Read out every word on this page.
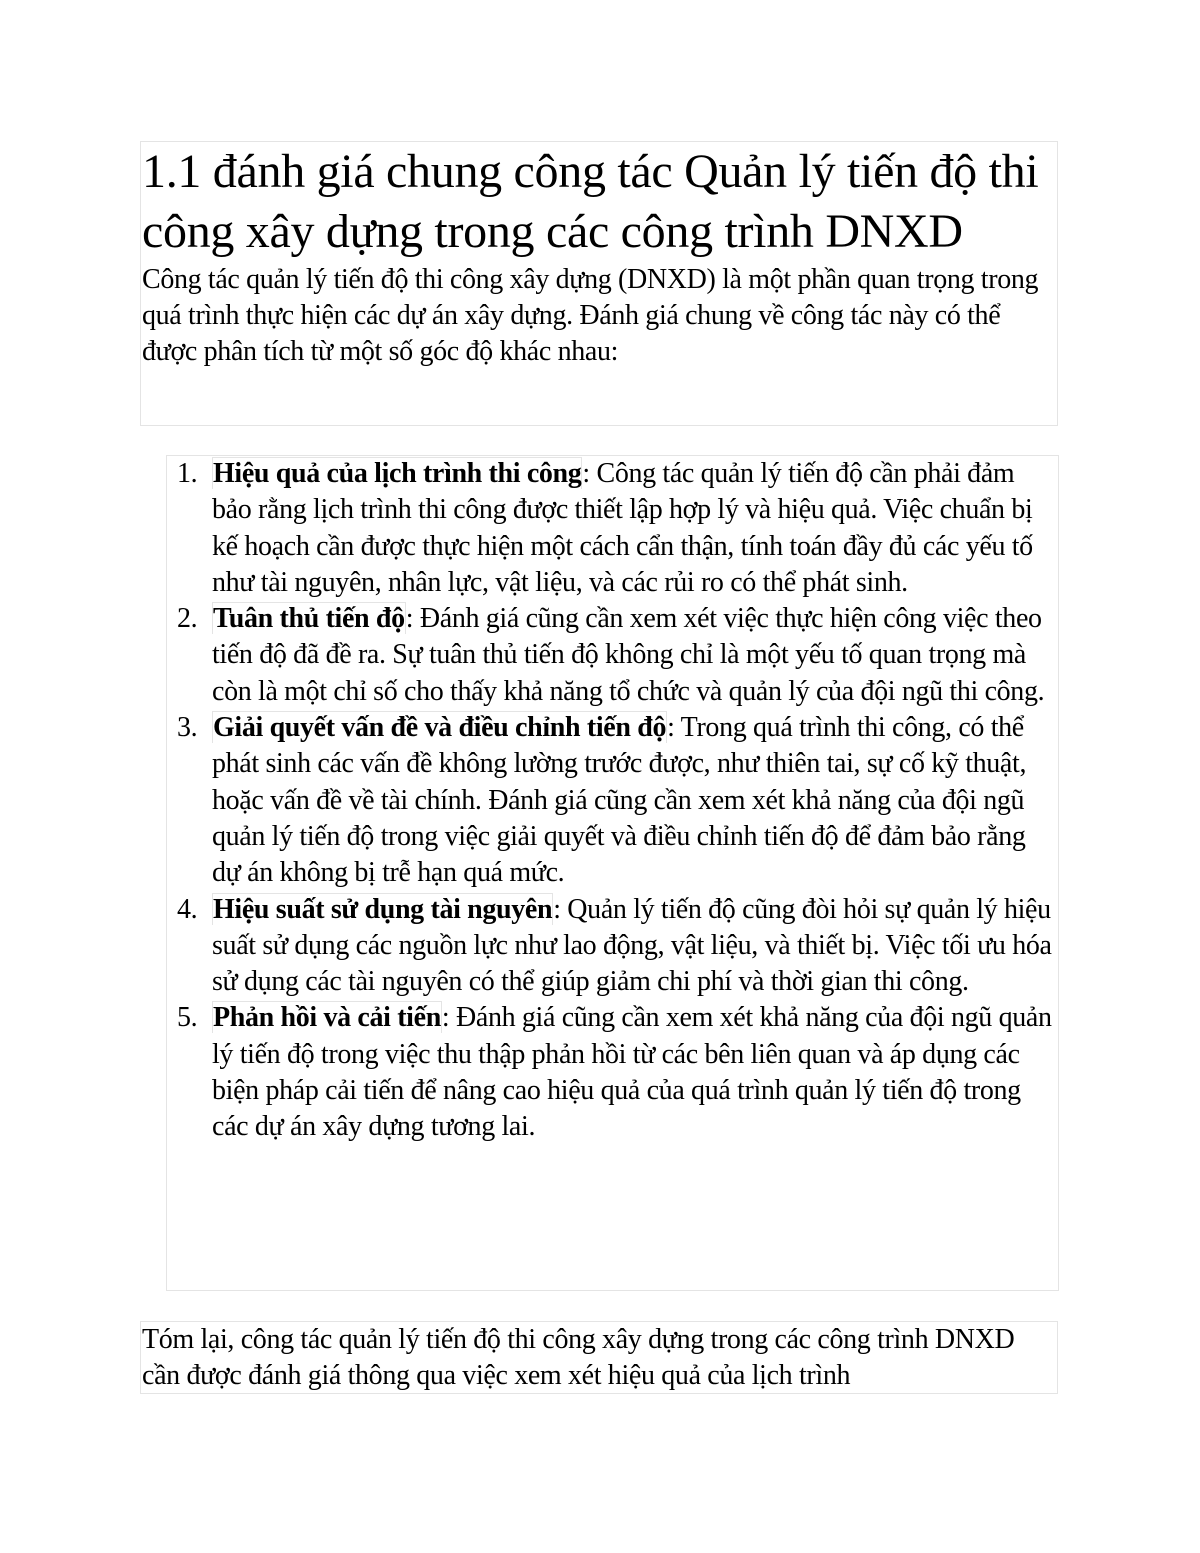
1.1 đánh giá chung công tác Quản lý tiến độ thi công xây dựng trong các công trình DNXD

Công tác quản lý tiến độ thi công xây dựng (DNXD) là một phần quan trọng trong quá trình thực hiện các dự án xây dựng. Đánh giá chung về công tác này có thể được phân tích từ một số góc độ khác nhau:

1. Hiệu quả của lịch trình thi công: Công tác quản lý tiến độ cần phải đảm bảo rằng lịch trình thi công được thiết lập hợp lý và hiệu quả. Việc chuẩn bị kế hoạch cần được thực hiện một cách cẩn thận, tính toán đầy đủ các yếu tố như tài nguyên, nhân lực, vật liệu, và các rủi ro có thể phát sinh.

2. Tuân thủ tiến độ: Đánh giá cũng cần xem xét việc thực hiện công việc theo tiến độ đã đề ra. Sự tuân thủ tiến độ không chỉ là một yếu tố quan trọng mà còn là một chỉ số cho thấy khả năng tổ chức và quản lý của đội ngũ thi công.

3. Giải quyết vấn đề và điều chỉnh tiến độ: Trong quá trình thi công, có thể phát sinh các vấn đề không lường trước được, như thiên tai, sự cố kỹ thuật, hoặc vấn đề về tài chính. Đánh giá cũng cần xem xét khả năng của đội ngũ quản lý tiến độ trong việc giải quyết và điều chỉnh tiến độ để đảm bảo rằng dự án không bị trễ hạn quá mức.

4. Hiệu suất sử dụng tài nguyên: Quản lý tiến độ cũng đòi hỏi sự quản lý hiệu suất sử dụng các nguồn lực như lao động, vật liệu, và thiết bị. Việc tối ưu hóa sử dụng các tài nguyên có thể giúp giảm chi phí và thời gian thi công.

5. Phản hồi và cải tiến: Đánh giá cũng cần xem xét khả năng của đội ngũ quản lý tiến độ trong việc thu thập phản hồi từ các bên liên quan và áp dụng các biện pháp cải tiến để nâng cao hiệu quả của quá trình quản lý tiến độ trong các dự án xây dựng tương lai.

Tóm lại, công tác quản lý tiến độ thi công xây dựng trong các công trình DNXD cần được đánh giá thông qua việc xem xét hiệu quả của lịch trình
